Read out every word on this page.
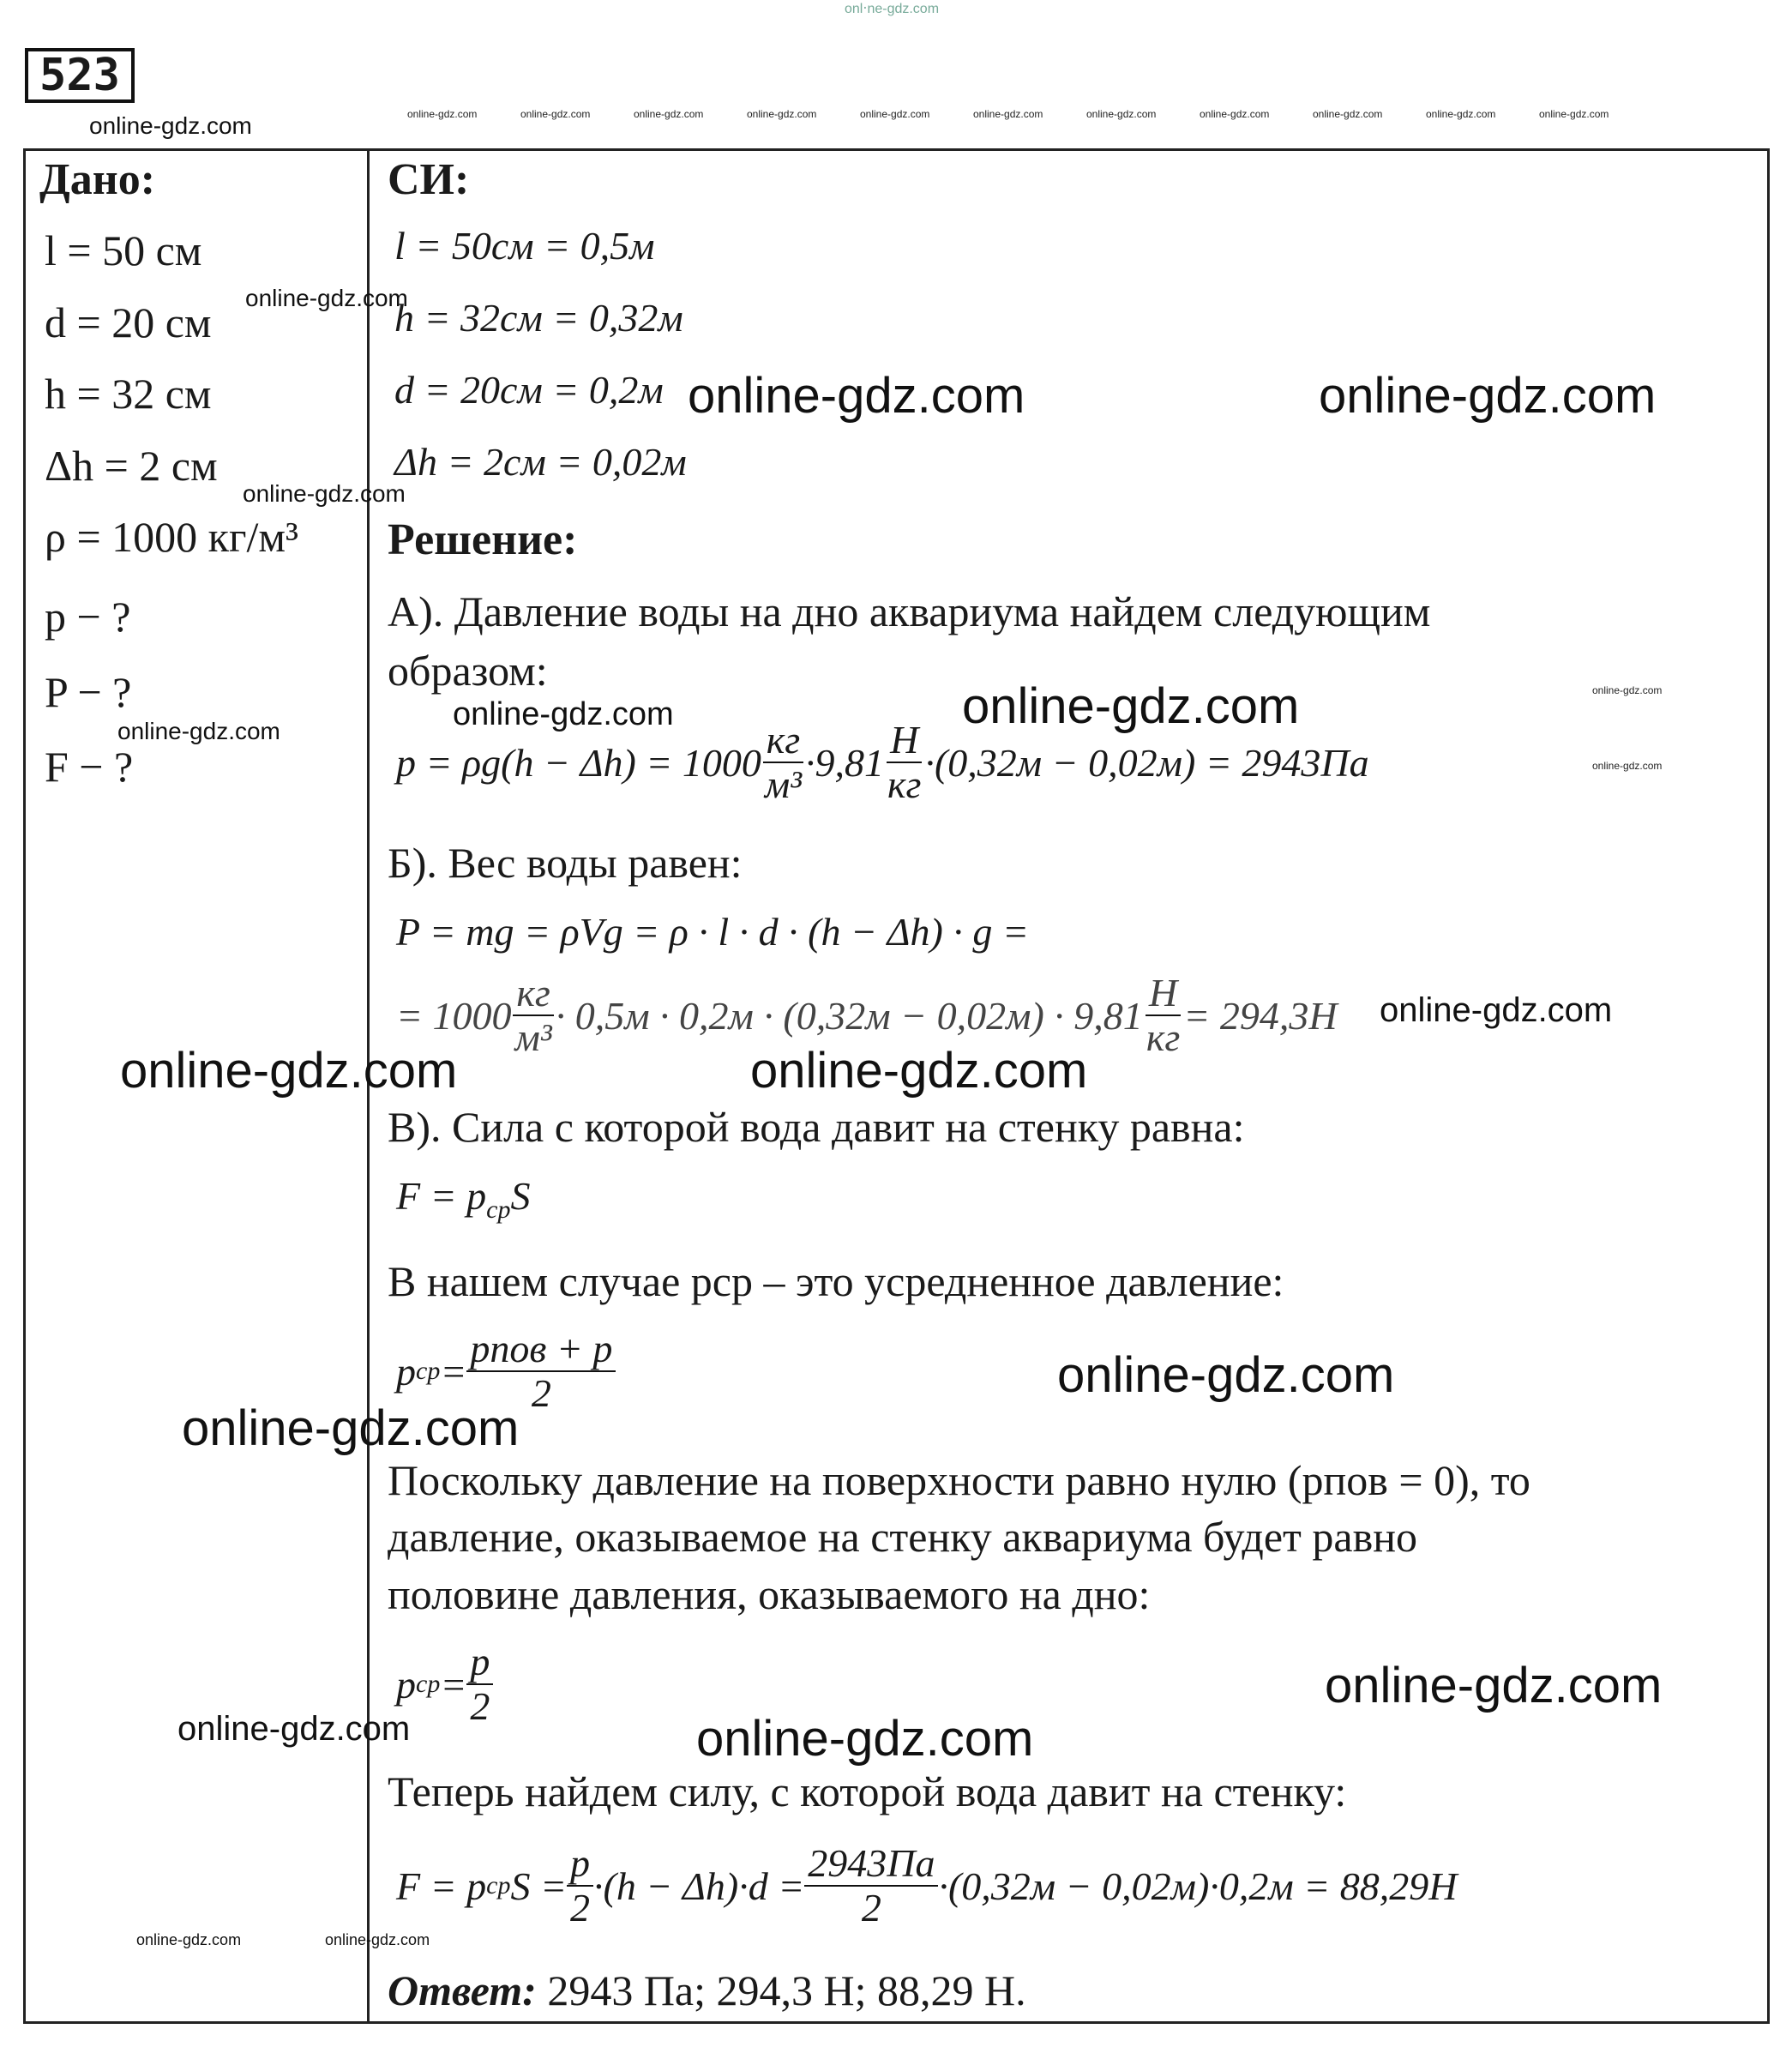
onl‧ne-gdz.com
523
online-gdz.com	online-gdz.com	online-gdz.com	online-gdz.com	online-gdz.com	online-gdz.com	online-gdz.com	online-gdz.com	online-gdz.com	online-gdz.com	online-gdz.com	online-gdz.com
Дано:
l = 50 см
d = 20 см
h = 32 см
Δh = 2 см
ρ = 1000 кг/м³
p − ?
P − ?
F − ?
online-gdz.com
online-gdz.com
online-gdz.com
СИ:
l = 50см = 0,5м
h = 32см = 0,32м
d = 20см = 0,2м
Δh = 2см = 0,02м
online-gdz.com	online-gdz.com
Решение:
А). Давление воды на дно аквариума найдем следующим
образом:
online-gdz.com	online-gdz.com	online-gdz.com
online-gdz.com
$p = \rho g(h - \Delta h) = 1000 \frac{кг}{\text{м³}} \cdot 9,81 \frac{Н}{кг} \cdot(0,32м - 0,02м) = 2943Па$
Б). Вес воды равен:
P = mg = ρVg = ρ · l · d · (h − Δh) · g =
= $1000 \frac{кг}{\text{м³}} \cdot 0,5м \cdot 0,2м \cdot (0,32м - 0,02м) \cdot 9,81 \frac{Н}{кг} = 294,3Н$ online-gdz.com
online-gdz.com	online-gdz.com
В). Сила с которой вода давит на стенку равна:
$F = p_{ср}S$
В нашем случае pср – это усредненное давление:
p ср = $\frac{\text{pпов + p}}{2}$	online-gdz.com
online-gdz.com
Поскольку давление на поверхности равно нулю (pпов = 0), то
давление, оказываемое на стенку аквариума будет равно
половине давления, оказываемого на дно:
p ср = $\frac{p}{2}$	online-gdz.com
online-gdz.com	online-gdz.com
Теперь найдем силу, с которой вода давит на стенку:
F = p ср $S = \frac{p}{2} \cdot(h - \Delta h)\cdot d = \frac{2943Па}{2} \cdot(0,32м - 0,02м)\cdot 0,2м = 88,29Н$
online-gdz.com	online-gdz.com
Ответ: 2943 Па; 294,3 Н; 88,29 Н.
